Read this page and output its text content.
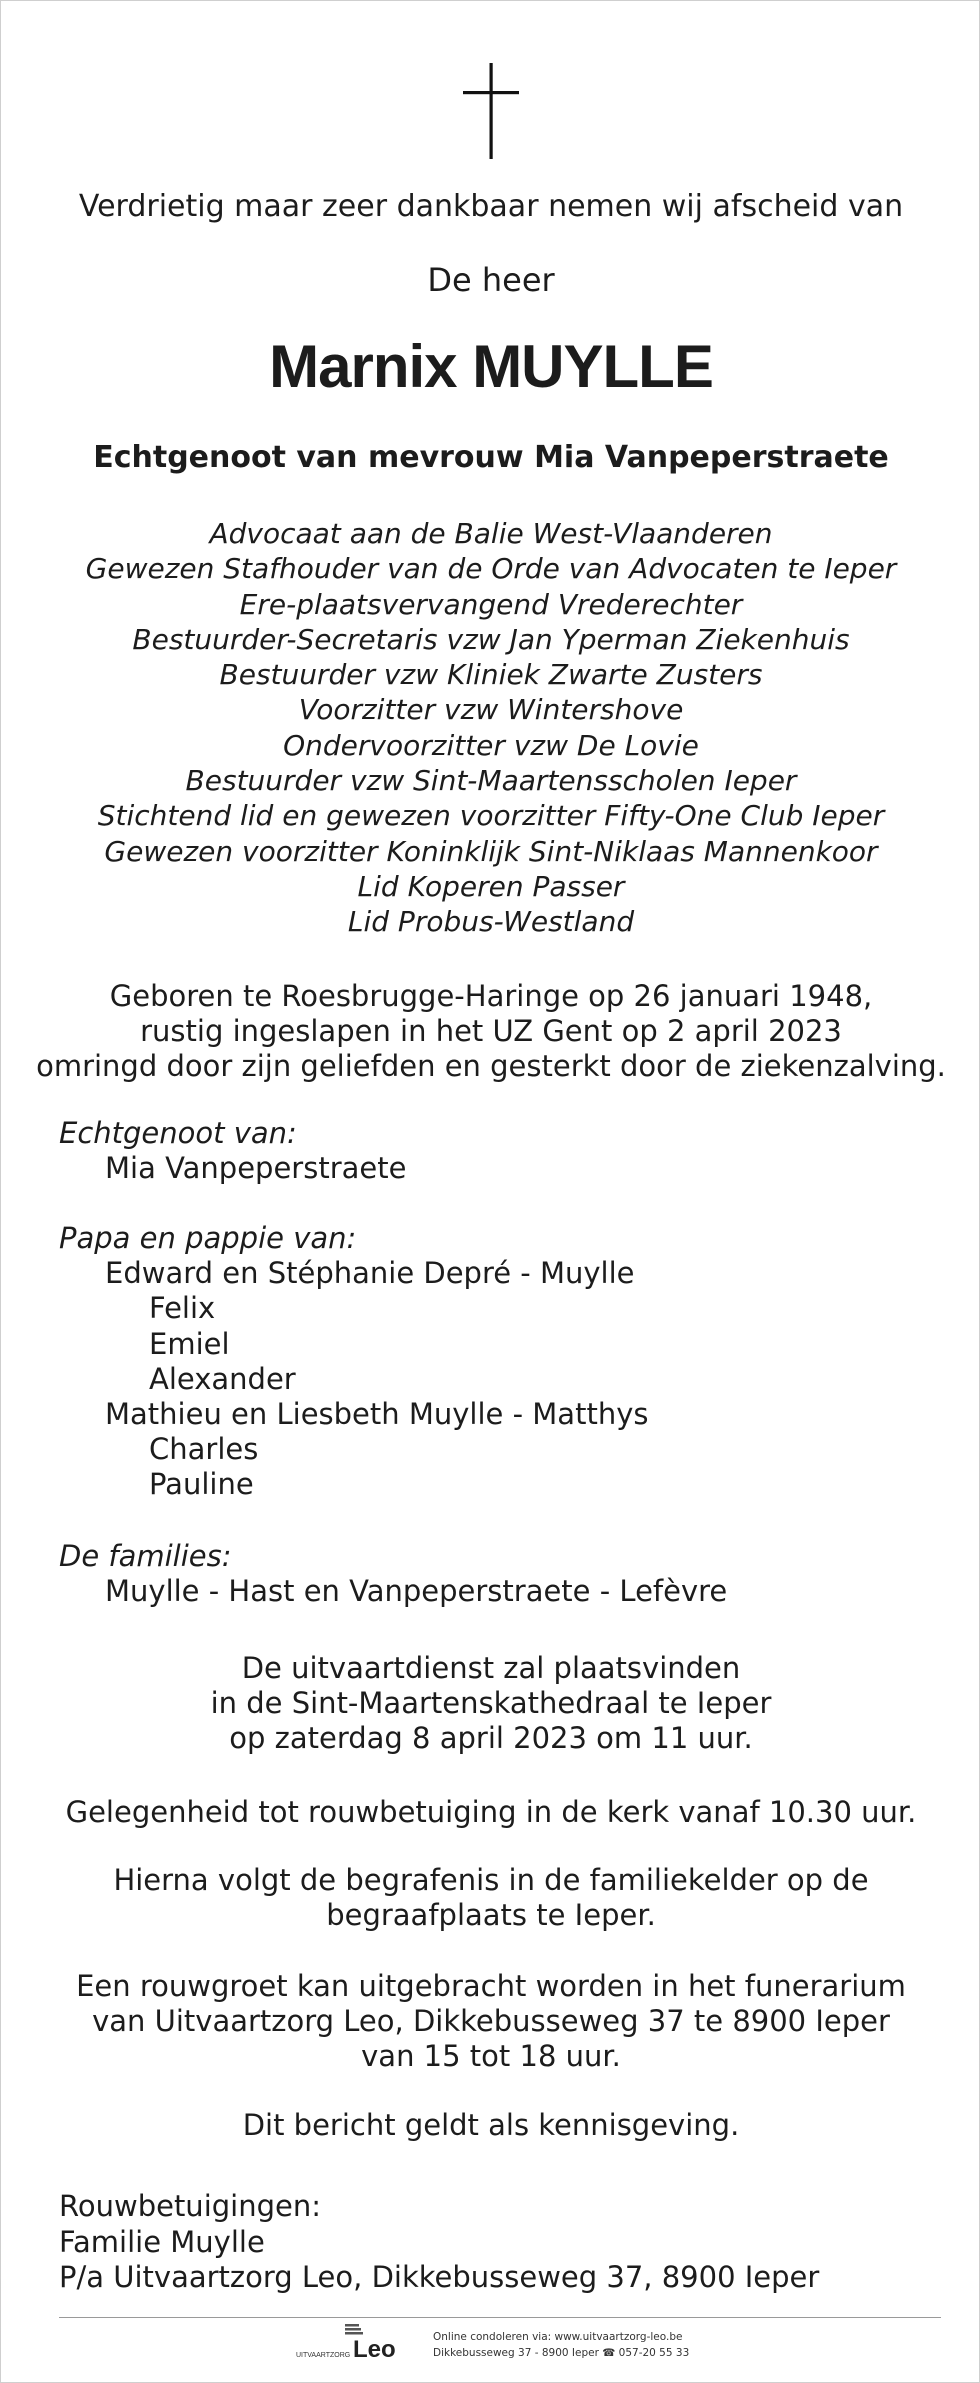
Verdrietig maar zeer dankbaar nemen wij afscheid van
De heer
Marnix MUYLLE
Echtgenoot van mevrouw Mia Vanpeperstraete
Advocaat aan de Balie West-Vlaanderen
Gewezen Stafhouder van de Orde van Advocaten te Ieper
Ere-plaatsvervangend Vrederechter
Bestuurder-Secretaris vzw Jan Yperman Ziekenhuis
Bestuurder vzw Kliniek Zwarte Zusters
Voorzitter vzw Wintershove
Ondervoorzitter vzw De Lovie
Bestuurder vzw Sint-Maartensscholen Ieper
Stichtend lid en gewezen voorzitter Fifty-One Club Ieper
Gewezen voorzitter Koninklijk Sint-Niklaas Mannenkoor
Lid Koperen Passer
Lid Probus-Westland
Geboren te Roesbrugge-Haringe op 26 januari 1948,
rustig ingeslapen in het UZ Gent op 2 april 2023
omringd door zijn geliefden en gesterkt door de ziekenzalving.
Echtgenoot van:
Mia Vanpeperstraete
Papa en pappie van:
Edward en Stéphanie Depré - Muylle
Felix
Emiel
Alexander
Mathieu en Liesbeth Muylle - Matthys
Charles
Pauline
De families:
Muylle - Hast en Vanpeperstraete - Lefèvre
De uitvaartdienst zal plaatsvinden
in de Sint-Maartenskathedraal te Ieper
op zaterdag 8 april 2023 om 11 uur.
Gelegenheid tot rouwbetuiging in de kerk vanaf 10.30 uur.
Hierna volgt de begrafenis in de familiekelder op de
begraafplaats te Ieper.
Een rouwgroet kan uitgebracht worden in het funerarium
van Uitvaartzorg Leo, Dikkebusseweg 37 te 8900 Ieper
van 15 tot 18 uur.
Dit bericht geldt als kennisgeving.
Rouwbetuigingen:
Familie Muylle
P/a Uitvaartzorg Leo, Dikkebusseweg 37, 8900 Ieper
UITVAARTZORG Leo	Online condoleren via: www.uitvaartzorg-leo.be
Dikkebusseweg 37 - 8900 Ieper ☎ 057-20 55 33
